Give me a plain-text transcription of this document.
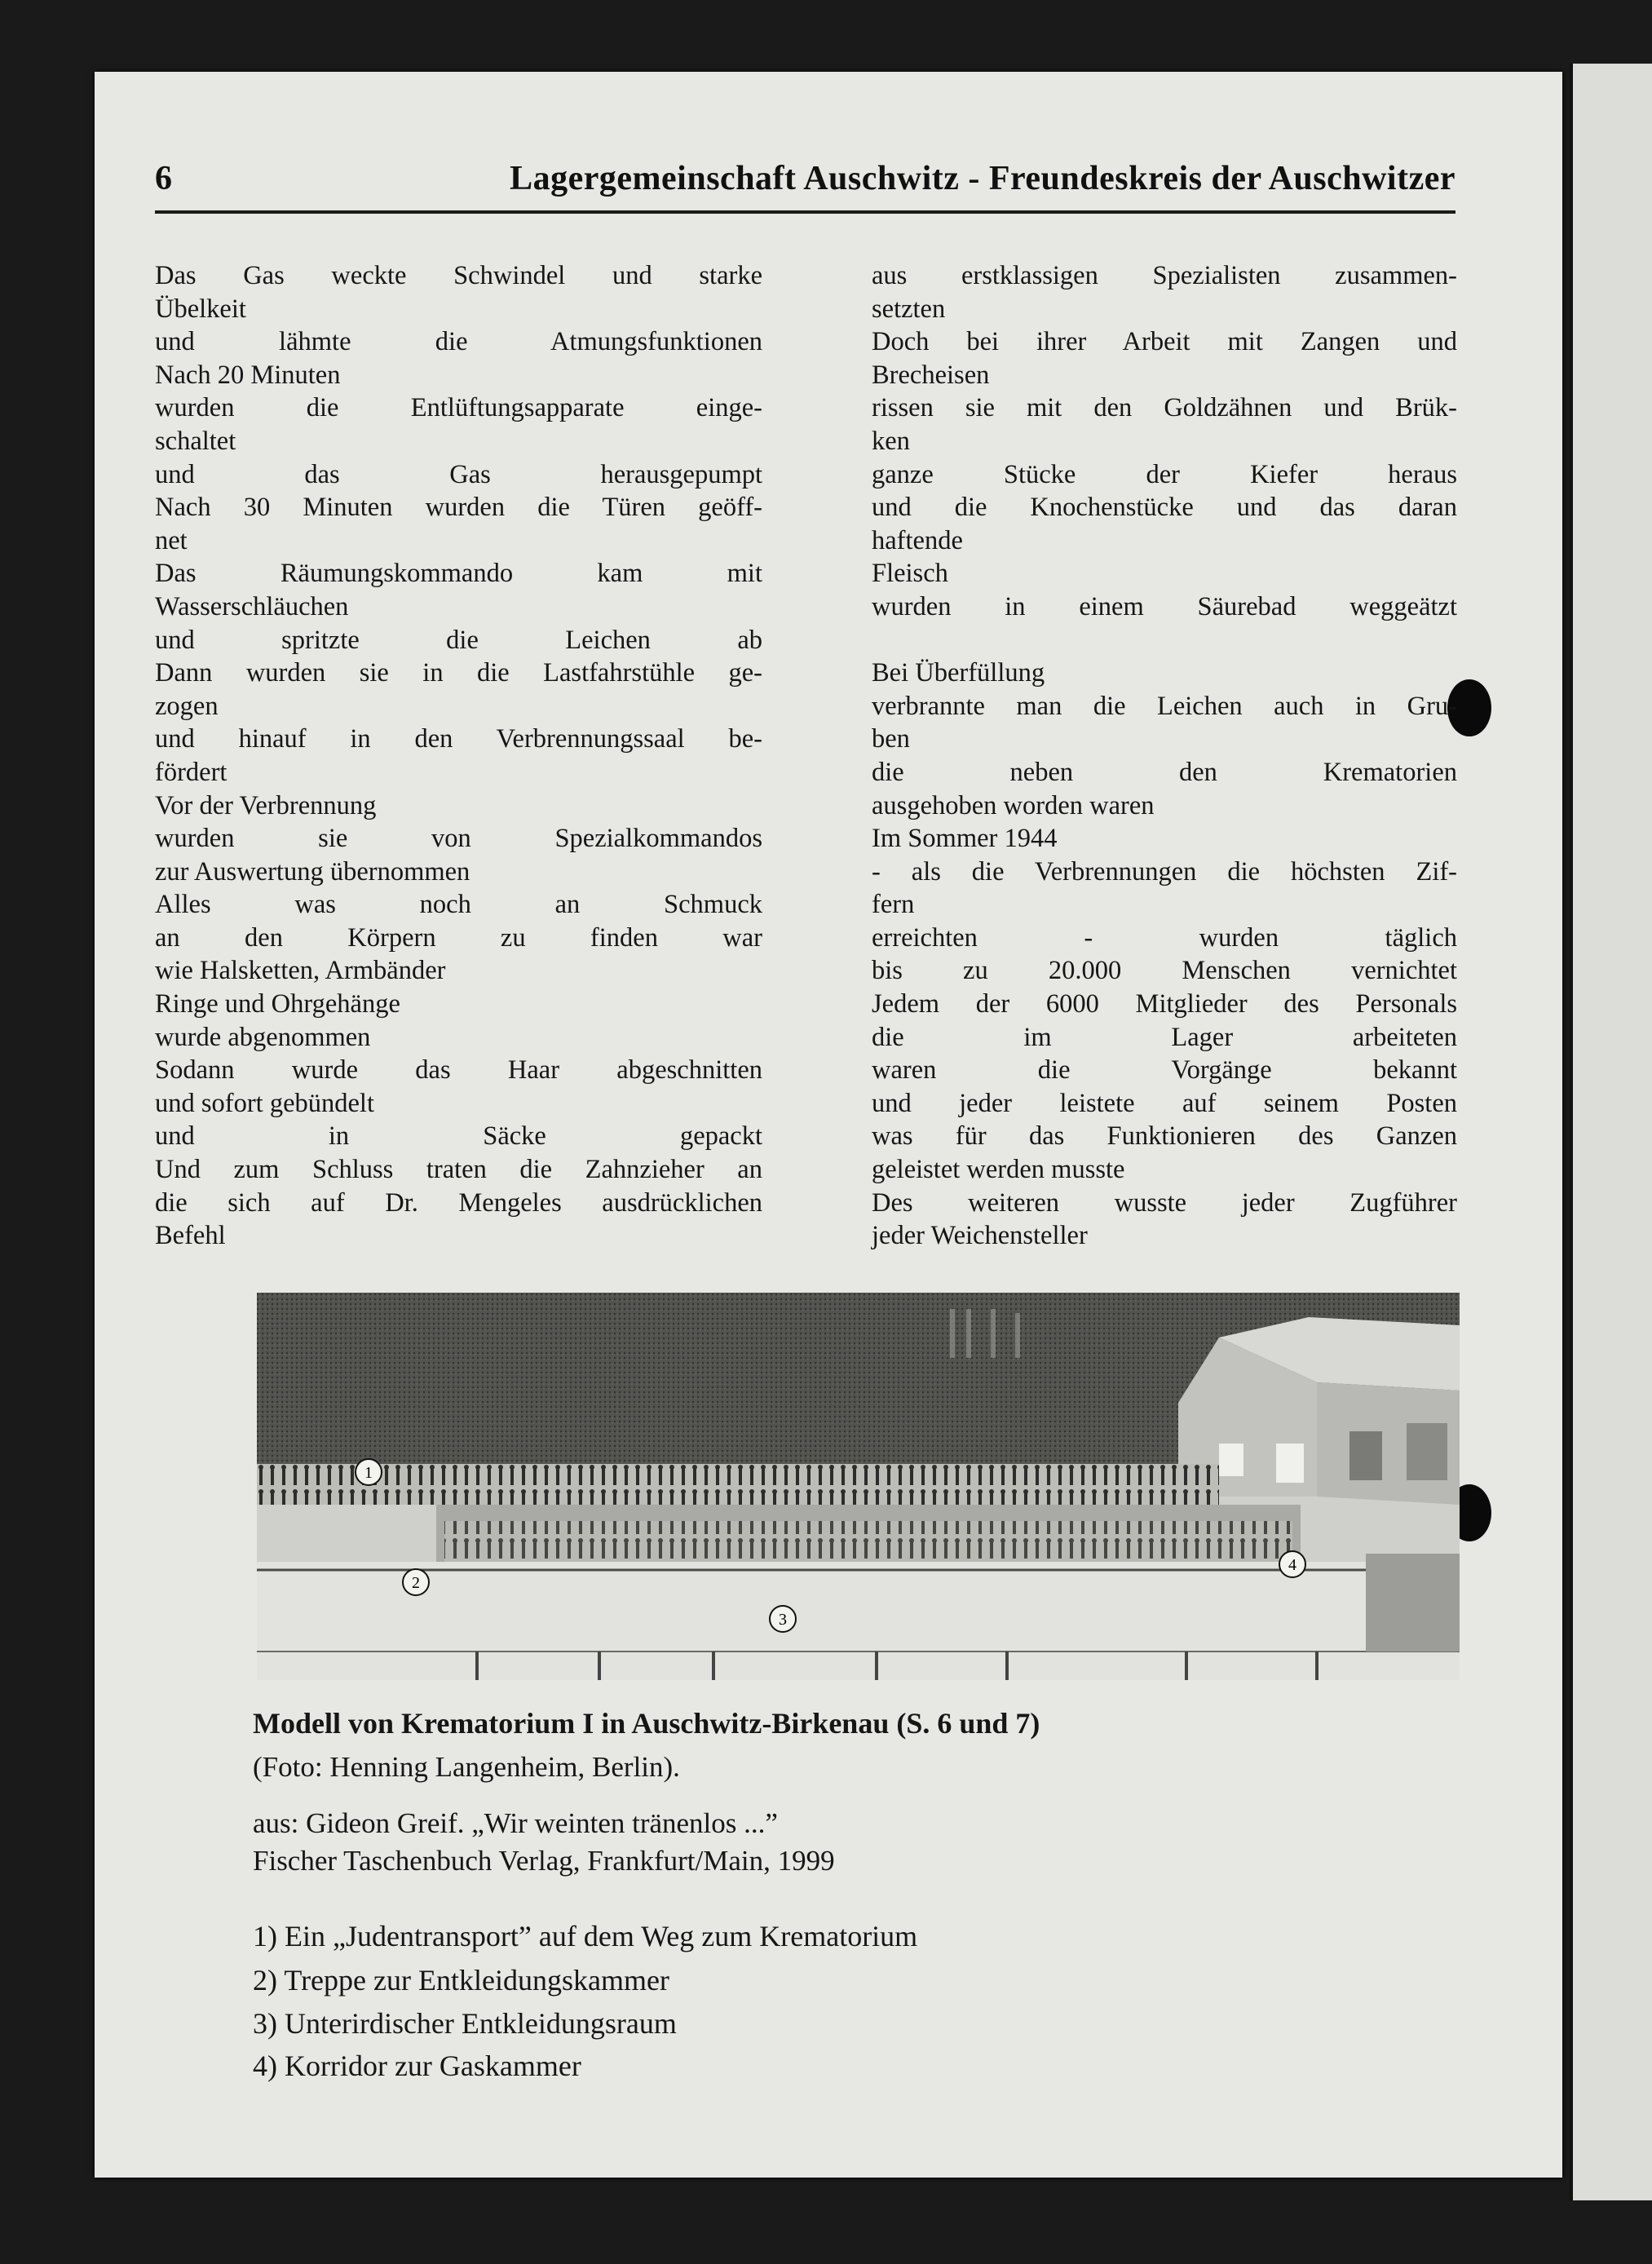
6	Lagergemeinschaft Auschwitz - Freundeskreis der Auschwitzer
Das Gas weckte Schwindel und starke
Übelkeit
und lähmte die Atmungsfunktionen
Nach 20 Minuten
wurden die Entlüftungsapparate einge-
schaltet
und das Gas herausgepumpt
Nach 30 Minuten wurden die Türen geöff-
net
Das Räumungskommando kam mit
Wasserschläuchen
und spritzte die Leichen ab
Dann wurden sie in die Lastfahrstühle ge-
zogen
und hinauf in den Verbrennungssaal be-
fördert
Vor der Verbrennung
wurden sie von Spezialkommandos
zur Auswertung übernommen
Alles was noch an Schmuck
an den Körpern zu finden war
wie Halsketten, Armbänder
Ringe und Ohrgehänge
wurde abgenommen
Sodann wurde das Haar abgeschnitten
und sofort gebündelt
und in Säcke gepackt
Und zum Schluss traten die Zahnzieher an
die sich auf Dr. Mengeles ausdrücklichen
Befehl
aus erstklassigen Spezialisten zusammen-
setzten
Doch bei ihrer Arbeit mit Zangen und
Brecheisen
rissen sie mit den Goldzähnen und Brük-
ken
ganze Stücke der Kiefer heraus
und die Knochenstücke und das daran
haftende
Fleisch
wurden in einem Säurebad weggeätzt
Bei Überfüllung
verbrannte man die Leichen auch in Gru-
ben
die neben den Krematorien
ausgehoben worden waren
Im Sommer 1944
- als die Verbrennungen die höchsten Zif-
fern
erreichten - wurden täglich
bis zu 20.000 Menschen vernichtet
Jedem der 6000 Mitglieder des Personals
die im Lager arbeiteten
waren die Vorgänge bekannt
und jeder leistete auf seinem Posten
was für das Funktionieren des Ganzen
geleistet werden musste
Des weiteren wusste jeder Zugführer
jeder Weichensteller
1
2
3
4
Modell von Krematorium I in Auschwitz-Birkenau (S. 6 und 7)
(Foto: Henning Langenheim, Berlin).
aus: Gideon Greif. „Wir weinten tränenlos ...”
Fischer Taschenbuch Verlag, Frankfurt/Main, 1999
1) Ein „Judentransport” auf dem Weg zum Krematorium
2) Treppe zur Entkleidungskammer
3) Unterirdischer Entkleidungsraum
4) Korridor zur Gaskammer
